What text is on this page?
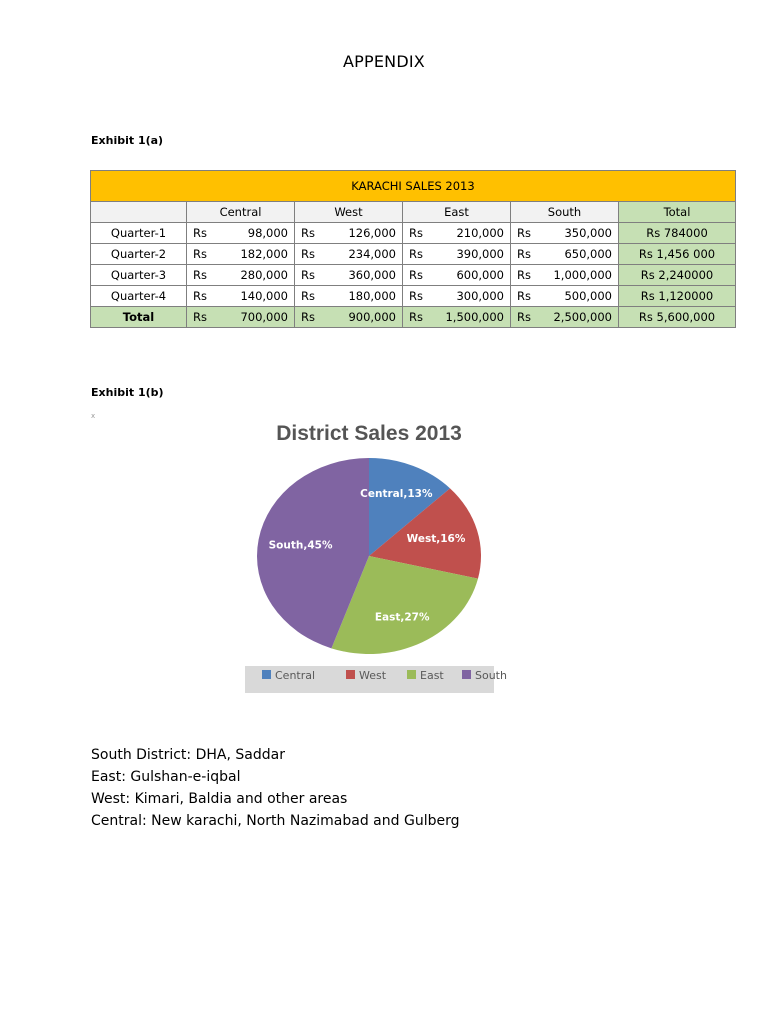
APPENDIX
Exhibit 1(a)
KARACHI SALES 2013					
	Central	West	East	South	Total
Quarter-1	Rs 98,000	Rs 126,000	Rs 210,000	Rs 350,000	Rs 784000
Quarter-2	Rs 182,000	Rs 234,000	Rs 390,000	Rs 650,000	Rs 1,456 000
Quarter-3	Rs 280,000	Rs 360,000	Rs 600,000	Rs 1,000,000	Rs 2,240000
Quarter-4	Rs 140,000	Rs 180,000	Rs 300,000	Rs 500,000	Rs 1,120000
Total	Rs 700,000	Rs 900,000	Rs 1,500,000	Rs 2,500,000	Rs 5,600,000
Exhibit 1(b)
x
District Sales 2013
Central,13%
West,16%
East,27%
South,45%
Central	West	East	South
South District: DHA, Saddar
East: Gulshan-e-iqbal
West: Kimari, Baldia and other areas
Central: New karachi, North Nazimabad and Gulberg
